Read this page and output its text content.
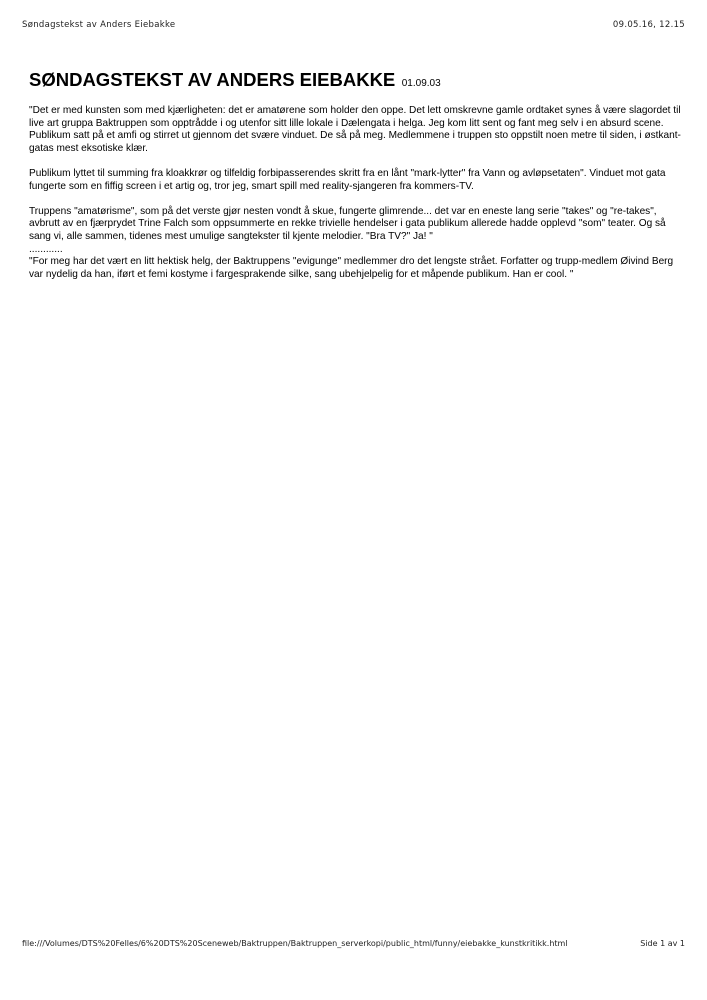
Søndagstekst av Anders Eiebakke	09.05.16, 12.15
SØNDAGSTEKST AV ANDERS EIEBAKKE 01.09.03

"Det er med kunsten som med kjærligheten: det er amatørene som holder den oppe. Det lett omskrevne gamle ordtaket synes å være slagordet til live art gruppa Baktruppen som opptrådde i og utenfor sitt lille lokale i Dælengata i helga. Jeg kom litt sent og fant meg selv i en absurd scene. Publikum satt på et amfi og stirret ut gjennom det svære vinduet. De så på meg. Medlemmene i truppen sto oppstilt noen metre til siden, i østkant-gatas mest eksotiske klær.

Publikum lyttet til summing fra kloakkrør og tilfeldig forbipasserendes skritt fra en lånt "mark-lytter" fra Vann og avløpsetaten". Vinduet mot gata fungerte som en fiffig screen i et artig og, tror jeg, smart spill med reality-sjangeren fra kommers-TV.

Truppens "amatørisme", som på det verste gjør nesten vondt å skue, fungerte glimrende... det var en eneste lang serie "takes" og "re-takes", avbrutt av en fjærprydet Trine Falch som oppsummerte en rekke trivielle hendelser i gata publikum allerede hadde opplevd "som" teater. Og så sang vi, alle sammen, tidenes mest umulige sangtekster til kjente melodier. "Bra TV?" Ja! "

............

"For meg har det vært en litt hektisk helg, der Baktruppens "evigunge" medlemmer dro det lengste strået. Forfatter og trupp-medlem Øivind Berg var nydelig da han, iført et femi kostyme i fargesprakende silke, sang ubehjelpelig for et måpende publikum. Han er cool. "

file:///Volumes/DTS%20Felles/6%20DTS%20Sceneweb/Baktruppen/Baktruppen_serverkopi/public_html/funny/eiebakke_kunstkritikk.html	Side 1 av 1
